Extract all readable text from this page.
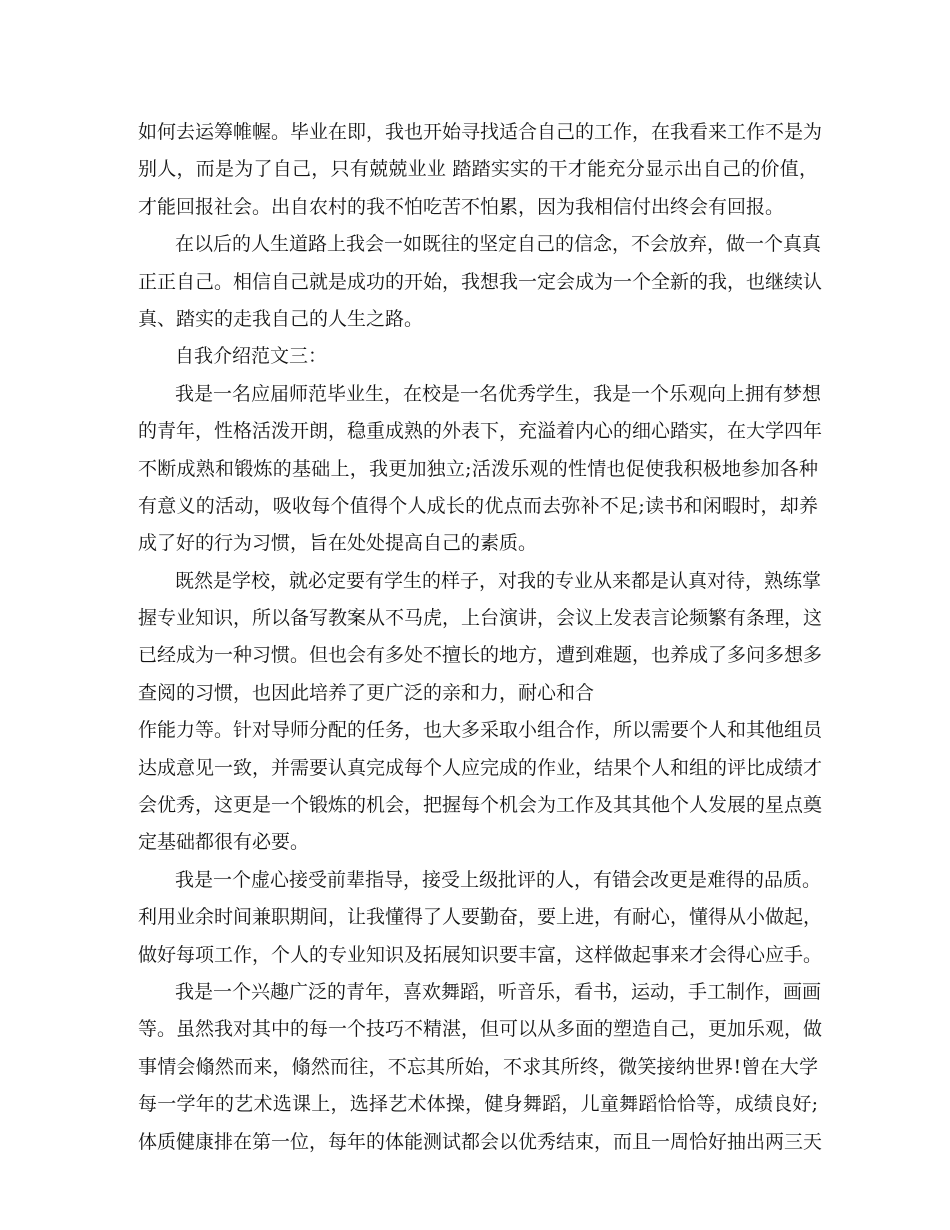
如何去运筹帷幄。毕业在即，我也开始寻找适合自己的工作，在我看来工作不是为
别人，而是为了自己，只有兢兢业业 踏踏实实的干才能充分显示出自己的价值，
才能回报社会。出自农村的我不怕吃苦不怕累，因为我相信付出终会有回报。
在以后的人生道路上我会一如既往的坚定自己的信念，不会放弃，做一个真真
正正自己。相信自己就是成功的开始，我想我一定会成为一个全新的我，也继续认
真、踏实的走我自己的人生之路。
自我介绍范文三：
我是一名应届师范毕业生，在校是一名优秀学生，我是一个乐观向上拥有梦想
的青年，性格活泼开朗，稳重成熟的外表下，充溢着内心的细心踏实，在大学四年
不断成熟和锻炼的基础上，我更加独立;活泼乐观的性情也促使我积极地参加各种
有意义的活动，吸收每个值得个人成长的优点而去弥补不足;读书和闲暇时，却养
成了好的行为习惯，旨在处处提高自己的素质。
既然是学校，就必定要有学生的样子，对我的专业从来都是认真对待，熟练掌
握专业知识，所以备写教案从不马虎，上台演讲，会议上发表言论频繁有条理，这
已经成为一种习惯。但也会有多处不擅长的地方，遭到难题，也养成了多问多想多
查阅的习惯，也因此培养了更广泛的亲和力，耐心和合
作能力等。针对导师分配的任务，也大多采取小组合作，所以需要个人和其他组员
达成意见一致，并需要认真完成每个人应完成的作业，结果个人和组的评比成绩才
会优秀，这更是一个锻炼的机会，把握每个机会为工作及其其他个人发展的星点奠
定基础都很有必要。
我是一个虚心接受前辈指导，接受上级批评的人，有错会改更是难得的品质。
利用业余时间兼职期间，让我懂得了人要勤奋，要上进，有耐心，懂得从小做起，
做好每项工作，个人的专业知识及拓展知识要丰富，这样做起事来才会得心应手。
我是一个兴趣广泛的青年，喜欢舞蹈，听音乐，看书，运动，手工制作，画画
等。虽然我对其中的每一个技巧不精湛，但可以从多面的塑造自己，更加乐观，做
事情会翛然而来，翛然而往，不忘其所始，不求其所终，微笑接纳世界!曾在大学
每一学年的艺术选课上，选择艺术体操，健身舞蹈，儿童舞蹈恰恰等，成绩良好;
体质健康排在第一位，每年的体能测试都会以优秀结束，而且一周恰好抽出两三天
